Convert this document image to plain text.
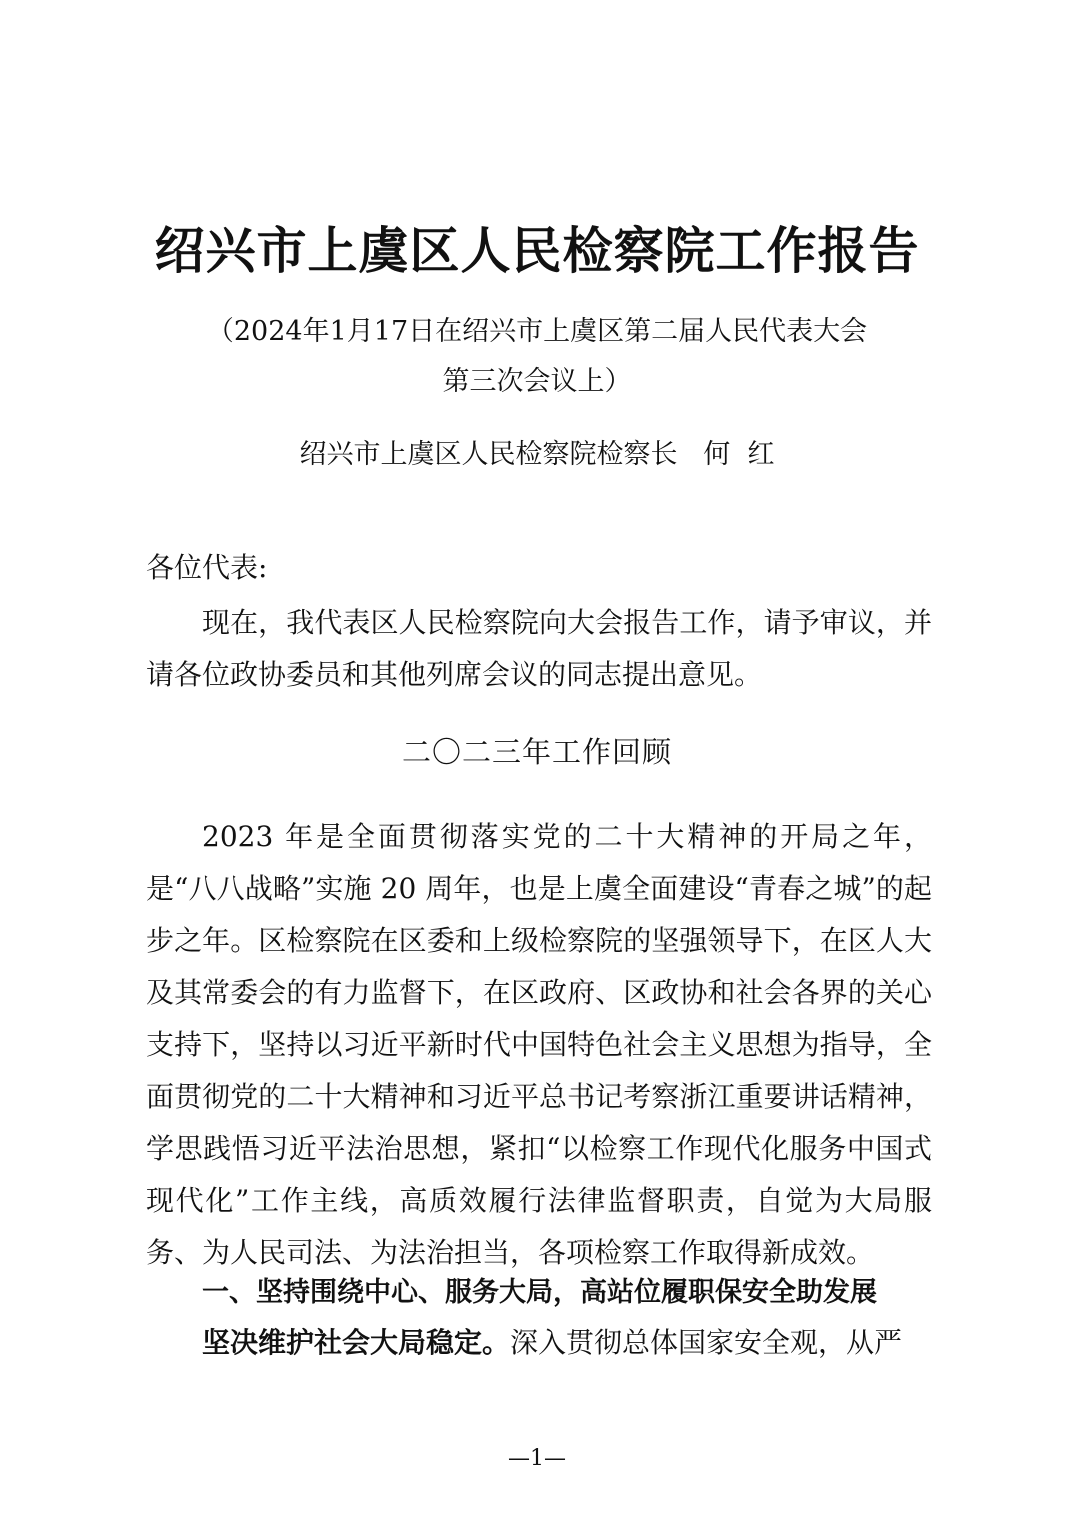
绍兴市上虞区人民检察院工作报告
（2024年1月17日在绍兴市上虞区第二届人民代表大会
第三次会议上）
绍兴市上虞区人民检察院检察长   何  红
各位代表:

现在，我代表区人民检察院向大会报告工作，请予审议，并请各位政协委员和其他列席会议的同志提出意见。

二〇二三年工作回顾

2023 年是全面贯彻落实党的二十大精神的开局之年，是“八八战略”实施 20 周年，也是上虞全面建设“青春之城”的起步之年。区检察院在区委和上级检察院的坚强领导下，在区人大及其常委会的有力监督下，在区政府、区政协和社会各界的关心支持下，坚持以习近平新时代中国特色社会主义思想为指导，全面贯彻党的二十大精神和习近平总书记考察浙江重要讲话精神，学思践悟习近平法治思想，紧扣“以检察工作现代化服务中国式现代化”工作主线，高质效履行法律监督职责，自觉为大局服务、为人民司法、为法治担当，各项检察工作取得新成效。

一、坚持围绕中心、服务大局，高站位履职保安全助发展
坚决维护社会大局稳定。深入贯彻总体国家安全观，从严
—1—
